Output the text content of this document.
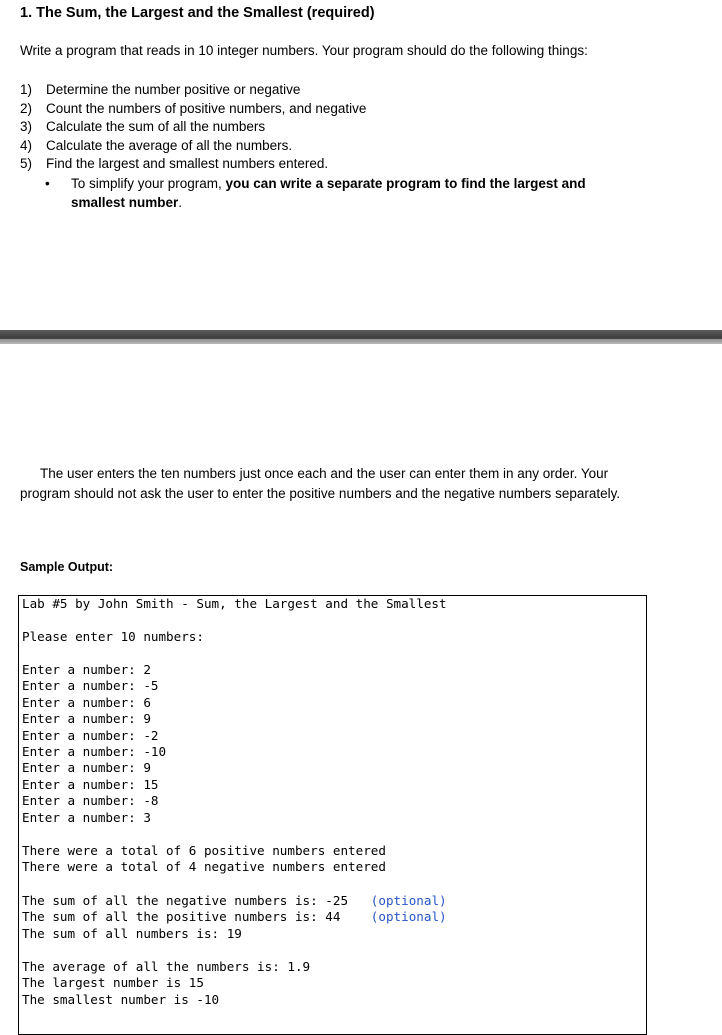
1. The Sum, the Largest and the Smallest (required)

Write a program that reads in 10 integer numbers. Your program should do the following things:

1) Determine the number positive or negative
2) Count the numbers of positive numbers, and negative
3) Calculate the sum of all the numbers
4) Calculate the average of all the numbers.
5) Find the largest and smallest numbers entered.
• To simplify your program, you can write a separate program to find the largest and smallest number.

The user enters the ten numbers just once each and the user can enter them in any order. Your program should not ask the user to enter the positive numbers and the negative numbers separately.

Sample Output:

Lab #5 by John Smith - Sum, the Largest and the Smallest
Please enter 10 numbers:
Enter a number: 2
Enter a number: -5
Enter a number: 6
Enter a number: 9
Enter a number: -2
Enter a number: -10
Enter a number: 9
Enter a number: 15
Enter a number: -8
Enter a number: 3
There were a total of 6 positive numbers entered
There were a total of 4 negative numbers entered
The sum of all the negative numbers is: -25 (optional)
The sum of all the positive numbers is: 44 (optional)
The sum of all numbers is: 19
The average of all the numbers is: 1.9
The largest number is 15
The smallest number is -10
